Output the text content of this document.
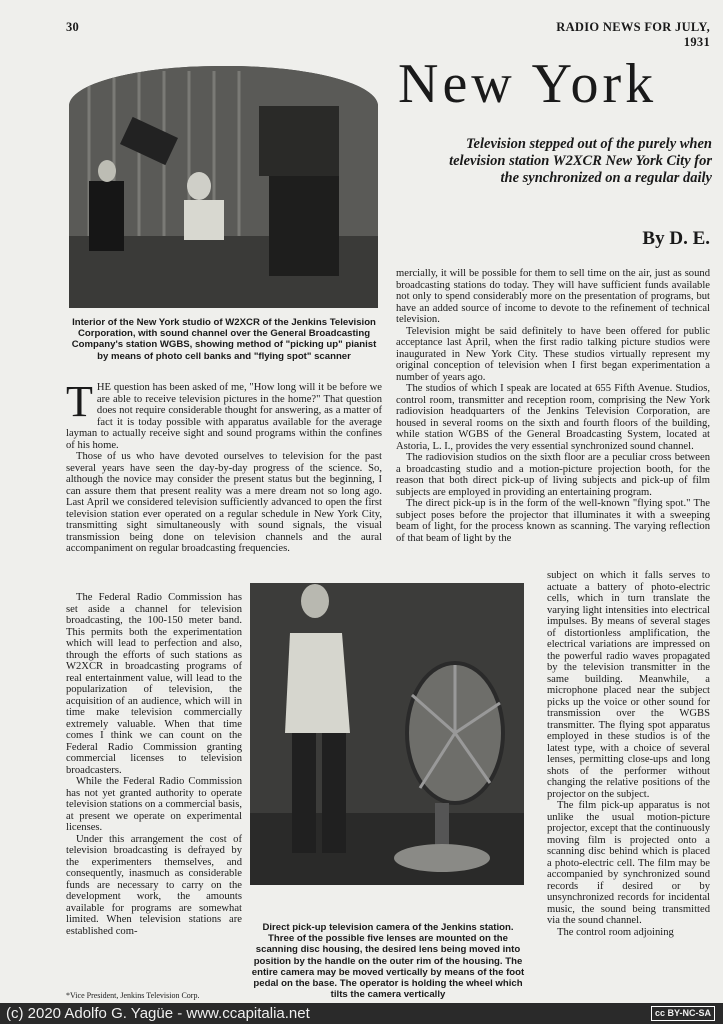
30	RADIO NEWS FOR JULY, 1931
Interior of the New York studio of W2XCR of the Jenkins Television Corporation, with sound channel over the General Broadcasting Company's station WGBS, showing method of "picking up" pianist by means of photo cell banks and "flying spot" scanner
New York
Television stepped out of the purely when television station W2XCR New York City for the synchronized on a regular daily
By D. E.

mercially, it will be possible for them to sell time on the air, just as sound broadcasting stations do today. They will have sufficient funds available not only to spend considerably more on the presentation of programs, but have an added source of income to devote to the refinement of technical television.

Television might be said definitely to have been offered for public acceptance last April, when the first radio talking picture studios were inaugurated in New York City. These studios virtually represent my original conception of television when I first began experimentation a number of years ago.

The studios of which I speak are located at 655 Fifth Avenue. Studios, control room, transmitter and reception room, comprising the New York radiovision headquarters of the Jenkins Television Corporation, are housed in several rooms on the sixth and fourth floors of the building, while station WGBS of the General Broadcasting System, located at Astoria, L. I., provides the very essential synchronized sound channel.

The radiovision studios on the sixth floor are a peculiar cross between a broadcasting studio and a motion-picture projection booth, for the reason that both direct pick-up of living subjects and pick-up of film subjects are employed in providing an entertaining program.

The direct pick-up is in the form of the well-known "flying spot." The subject poses before the projector that illuminates it with a sweeping beam of light, for the process known as scanning. The varying reflection of that beam of light by the

THE question has been asked of me, "How long will it be before we are able to receive television pictures in the home?" That question does not require considerable thought for answering, as a matter of fact it is today possible with apparatus available for the average layman to actually receive sight and sound programs within the confines of his home.

Those of us who have devoted ourselves to television for the past several years have seen the day-by-day progress of the science. So, although the novice may consider the present status but the beginning, I can assure them that present reality was a mere dream not so long ago. Last April we considered television sufficiently advanced to open the first television station ever operated on a regular schedule in New York City, transmitting sight simultaneously with sound signals, the visual transmission being done on television channels and the aural accompaniment on regular broadcasting frequencies.

The Federal Radio Commission has set aside a channel for television broadcasting, the 100-150 meter band. This permits both the experimentation which will lead to perfection and also, through the efforts of such stations as W2XCR in broadcasting programs of real entertainment value, will lead to the popularization of television, the acquisition of an audience, which will in time make television commercially extremely valuable. When that time comes I think we can count on the Federal Radio Commission granting commercial licenses to television broadcasters.

While the Federal Radio Commission has not yet granted authority to operate television stations on a commercial basis, at present we operate on experimental licenses.

Under this arrangement the cost of television broadcasting is defrayed by the experimenters themselves, and consequently, inasmuch as considerable funds are necessary to carry on the development work, the amounts available for programs are somewhat limited. When television stations are established com-

*Vice President, Jenkins Television Corp.
Direct pick-up television camera of the Jenkins station. Three of the possible five lenses are mounted on the scanning disc housing, the desired lens being moved into position by the handle on the outer rim of the housing. The entire camera may be moved vertically by means of the foot pedal on the base. The operator is holding the wheel which tilts the camera vertically

subject on which it falls serves to actuate a battery of photo-electric cells, which in turn translate the varying light intensities into electrical impulses. By means of several stages of distortionless amplification, the electrical variations are impressed on the powerful radio waves propagated by the television transmitter in the same building. Meanwhile, a microphone placed near the subject picks up the voice or other sound for transmission over the WGBS transmitter. The flying spot apparatus employed in these studios is of the latest type, with a choice of several lenses, permitting close-ups and long shots of the performer without changing the relative positions of the projector on the subject.

The film pick-up apparatus is not unlike the usual motion-picture projector, except that the continuously moving film is projected onto a scanning disc behind which is placed a photo-electric cell. The film may be accompanied by synchronized sound records if desired or by unsynchronized records for incidental music, the sound being transmitted via the sound channel.

The control room adjoining

(c) 2020 Adolfo G. Yagüe - www.ccapitalia.net	cc BY-NC-SA
